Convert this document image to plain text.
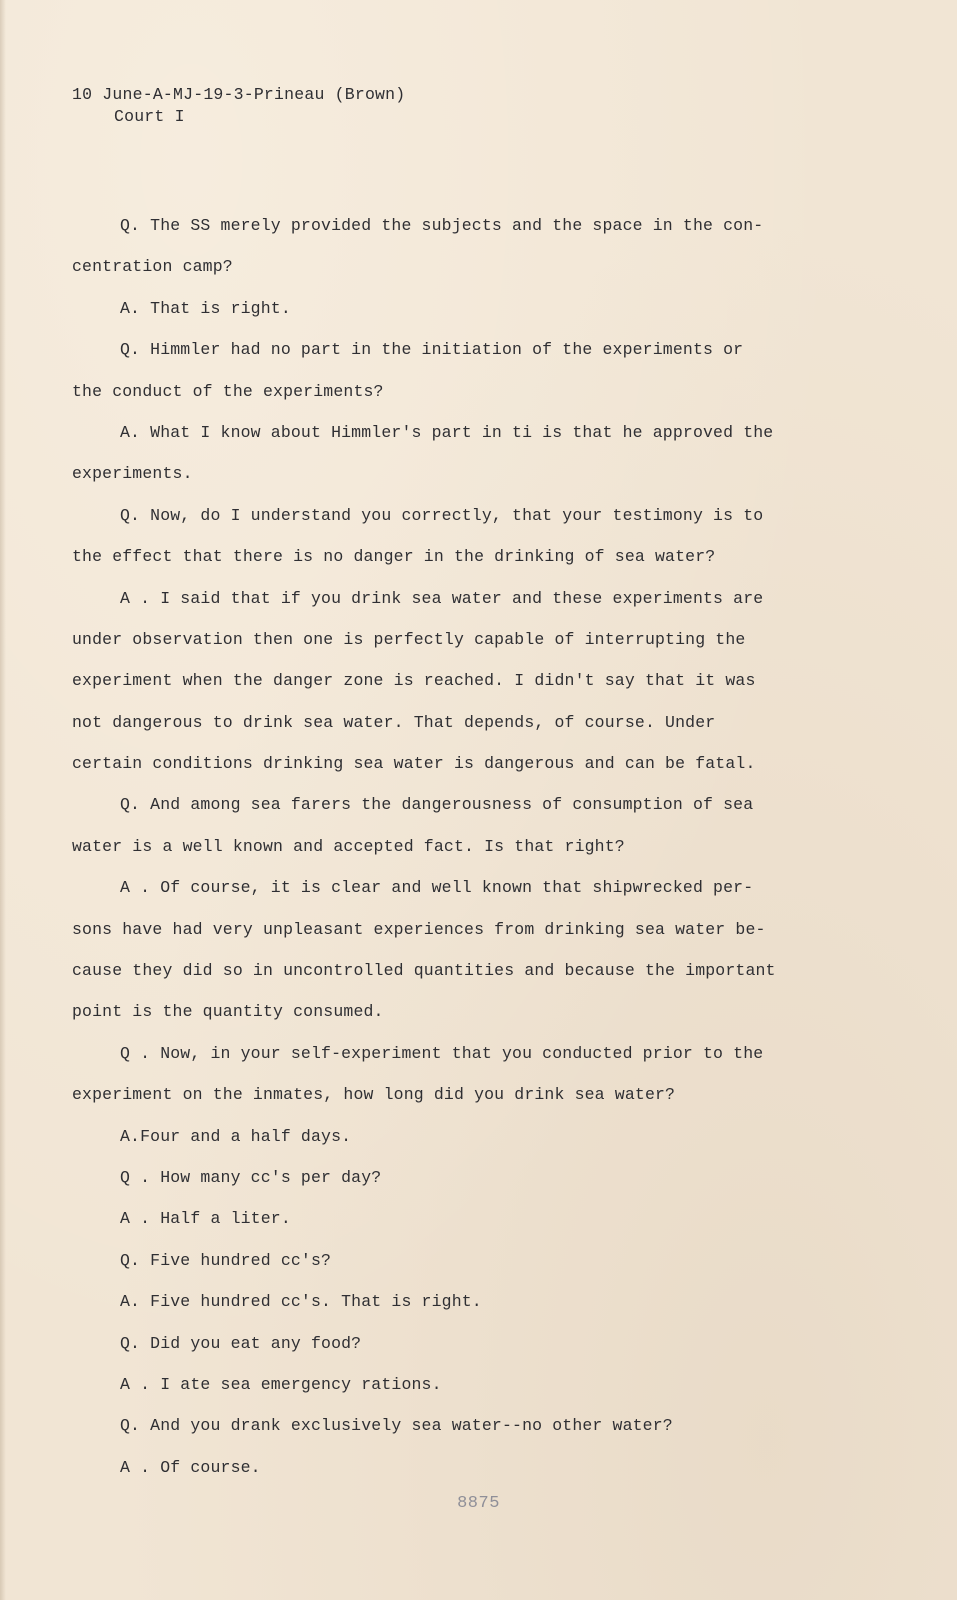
10 June-A-MJ-19-3-Prineau (Brown)
Court I
Q. The SS merely provided the subjects and the space in the con-
centration camp?
A. That is right.
Q. Himmler had no part in the initiation of the experiments or
the conduct of the experiments?
A. What I know about Himmler's part in ti is that he approved the
experiments.
Q. Now, do I understand you correctly, that your testimony is to
the effect that there is no danger in the drinking of sea water?
A . I said that if you drink sea water and these experiments are
under observation then one is perfectly capable of interrupting the
experiment when the danger zone is reached. I didn't say that it was
not dangerous to drink sea water. That depends, of course. Under
certain conditions drinking sea water is dangerous and can be fatal.
Q. And among sea farers the dangerousness of consumption of sea
water is a well known and accepted fact. Is that right?
A . Of course, it is clear and well known that shipwrecked per-
sons have had very unpleasant experiences from drinking sea water be-
cause they did so in uncontrolled quantities and because the important
point is the quantity consumed.
Q . Now, in your self-experiment that you conducted prior to the
experiment on the inmates, how long did you drink sea water?
A.Four and a half days.
Q . How many cc's per day?
A . Half a liter.
Q. Five hundred cc's?
A. Five hundred cc's. That is right.
Q. Did you eat any food?
A . I ate sea emergency rations.
Q. And you drank exclusively sea water--no other water?
A . Of course.
8875
